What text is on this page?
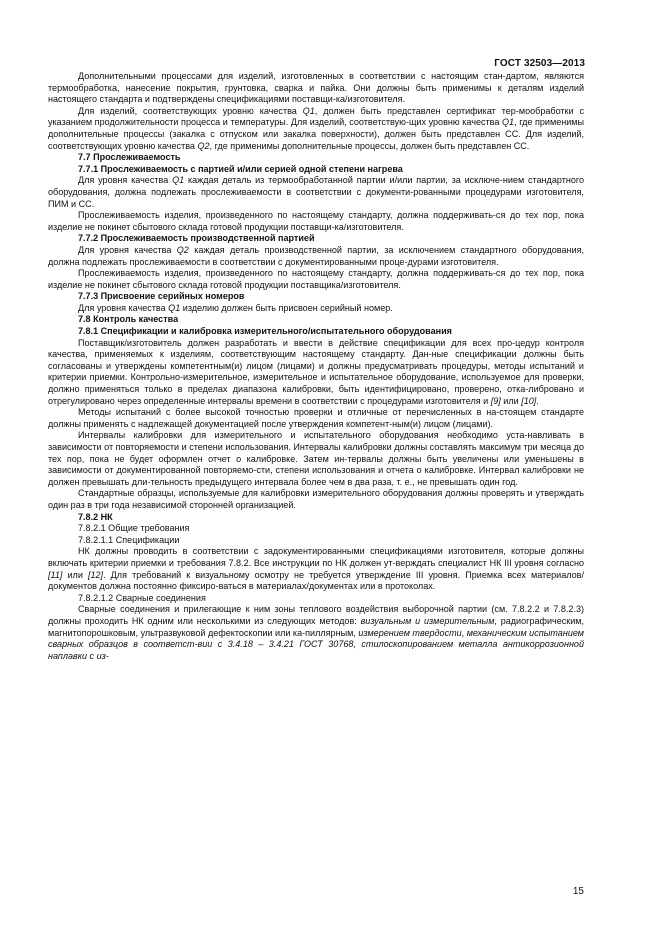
ГОСТ 32503—2013
Дополнительными процессами для изделий, изготовленных в соответствии с настоящим стан-дартом, являются термообработка, нанесение покрытия, грунтовка, сварка и пайка. Они должны быть применимы к деталям изделий настоящего стандарта и подтверждены спецификациями поставщи-ка/изготовителя.
Для изделий, соответствующих уровню качества Q1, должен быть представлен сертификат тер-мообработки с указанием продолжительности процесса и температуры. Для изделий, соответствую-щих уровню качества Q1, где применимы дополнительные процессы (закалка с отпуском или закалка поверхности), должен быть представлен СС. Для изделий, соответствующих уровню качества Q2, где применимы дополнительные процессы, должен быть представлен СС.
7.7 Прослеживаемость
7.7.1 Прослеживаемость с партией и/или серией одной степени нагрева
Для уровня качества Q1 каждая деталь из термообработанной партии и/или партии, за исключе-нием стандартного оборудования, должна подлежать прослеживаемости в соответствии с документи-рованными процедурами изготовителя, ПИМ и СС.
Прослеживаемость изделия, произведенного по настоящему стандарту, должна поддерживать-ся до тех пор, пока изделие не покинет сбытового склада готовой продукции поставщи-ка/изготовителя.
7.7.2 Прослеживаемость производственной партией
Для уровня качества Q2 каждая деталь производственной партии, за исключением стандартного оборудования, должна подлежать прослеживаемости в соответствии с документированными проце-дурами изготовителя.
Прослеживаемость изделия, произведенного по настоящему стандарту, должна поддерживать-ся до тех пор, пока изделие не покинет сбытового склада готовой продукции поставщика/изготовителя.
7.7.3 Присвоение серийных номеров
Для уровня качества Q1 изделию должен быть присвоен серийный номер.
7.8 Контроль качества
7.8.1 Спецификации и калибровка измерительного/испытательного оборудования
Поставщик/изготовитель должен разработать и ввести в действие спецификации для всех про-цедур контроля качества, применяемых к изделиям, соответствующим настоящему стандарту. Дан-ные спецификации должны быть согласованы и утверждены компетентным(и) лицом (лицами) и должны предусматривать процедуры, методы испытаний и критерии приемки. Контрольно-измерительное, измерительное и испытательное оборудование, используемое для проверки, должно применяться только в пределах диапазона калибровки, быть идентифицировано, проверено, отка-либровано и отрегулировано через определенные интервалы времени в соответствии с процедурами изготовителя и [9] или [10].
Методы испытаний с более высокой точностью проверки и отличные от перечисленных в на-стоящем стандарте должны применять с надлежащей документацией после утверждения компетент-ным(и) лицом (лицами).
Интервалы калибровки для измерительного и испытательного оборудования необходимо уста-навливать в зависимости от повторяемости и степени использования. Интервалы калибровки должны составлять максимум три месяца до тех пор, пока не будет оформлен отчет о калибровке. Затем ин-тервалы должны быть увеличены или уменьшены в зависимости от документированной повторяемо-сти, степени использования и отчета о калибровке. Интервал калибровки не должен превышать дли-тельность предыдущего интервала более чем в два раза, т. е., не превышать один год.
Стандартные образцы, используемые для калибровки измерительного оборудования должны проверять и утверждать один раз в три года независимой сторонней организацией.
7.8.2 НК
7.8.2.1 Общие требования
7.8.2.1.1 Спецификации
НК должны проводить в соответствии с задокументированными спецификациями изготовителя, которые должны включать критерии приемки и требования 7.8.2. Все инструкции по НК должен ут-верждать специалист НК III уровня согласно [11] или [12]. Для требований к визуальному осмотру не требуется утверждение III уровня. Приемка всех материалов/документов должна постоянно фиксиро-ваться в материалах/документах или в протоколах.
7.8.2.1.2 Сварные соединения
Сварные соединения и прилегающие к ним зоны теплового воздействия выборочной партии (см. 7.8.2.2 и 7.8.2.3) должны проходить НК одним или несколькими из следующих методов: визуальным и измерительным, радиографическим, магнитопорошковым, ультразвуковой дефектоскопии или ка-пиллярным, измерением твердости, механическим испытанием сварных образцов в соответст-вии с 3.4.18 – 3.4.21 ГОСТ 30768, стилоскопированием металла антикоррозионной наплавки с из-
15
